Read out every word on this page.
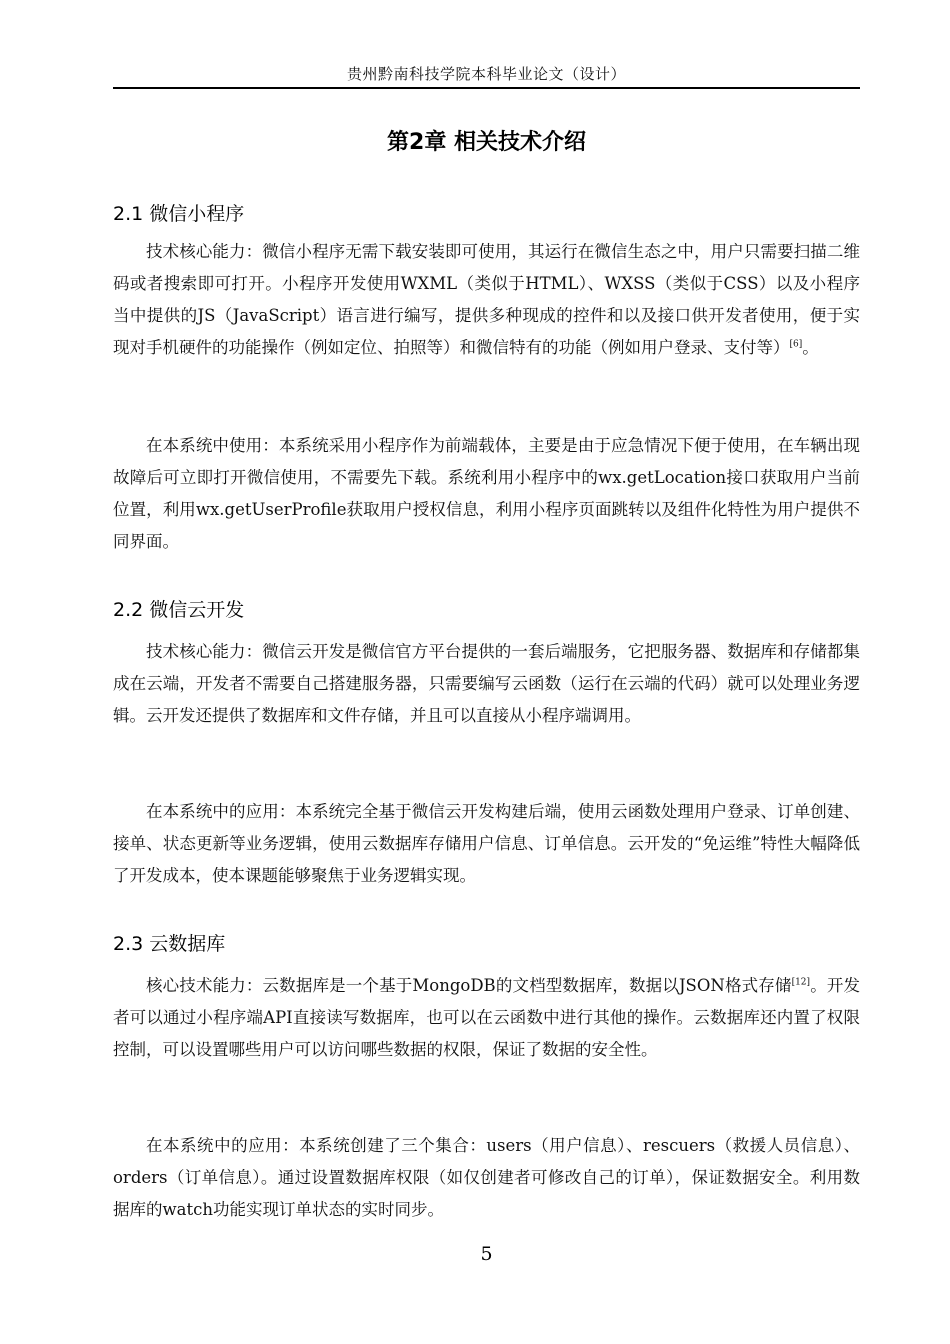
贵州黔南科技学院本科毕业论文（设计）
第2章 相关技术介绍
2.1 微信小程序

技术核心能力：微信小程序无需下载安装即可使用，其运行在微信生态之中，用户只需要扫描二维码或者搜索即可打开。小程序开发使用WXML（类似于HTML）、WXSS（类似于CSS）以及小程序当中提供的JS（JavaScript）语言进行编写，提供多种现成的控件和以及接口供开发者使用，便于实现对手机硬件的功能操作（例如定位、拍照等）和微信特有的功能（例如用户登录、支付等）[6]。

在本系统中使用：本系统采用小程序作为前端载体，主要是由于应急情况下便于使用，在车辆出现故障后可立即打开微信使用，不需要先下载。系统利用小程序中的wx.getLocation接口获取用户当前位置，利用wx.getUserProfile获取用户授权信息，利用小程序页面跳转以及组件化特性为用户提供不同界面。

2.2 微信云开发

技术核心能力：微信云开发是微信官方平台提供的一套后端服务，它把服务器、数据库和存储都集成在云端，开发者不需要自己搭建服务器，只需要编写云函数（运行在云端的代码）就可以处理业务逻辑。云开发还提供了数据库和文件存储，并且可以直接从小程序端调用。

在本系统中的应用：本系统完全基于微信云开发构建后端，使用云函数处理用户登录、订单创建、接单、状态更新等业务逻辑，使用云数据库存储用户信息、订单信息。云开发的“免运维”特性大幅降低了开发成本，使本课题能够聚焦于业务逻辑实现。

2.3 云数据库

核心技术能力：云数据库是一个基于MongoDB的文档型数据库，数据以JSON格式存储[12]。开发者可以通过小程序端API直接读写数据库，也可以在云函数中进行其他的操作。云数据库还内置了权限控制，可以设置哪些用户可以访问哪些数据的权限，保证了数据的安全性。

在本系统中的应用：本系统创建了三个集合：users（用户信息）、rescuers（救援人员信息）、orders（订单信息）。通过设置数据库权限（如仅创建者可修改自己的订单），保证数据安全。利用数据库的watch功能实现订单状态的实时同步。

5
